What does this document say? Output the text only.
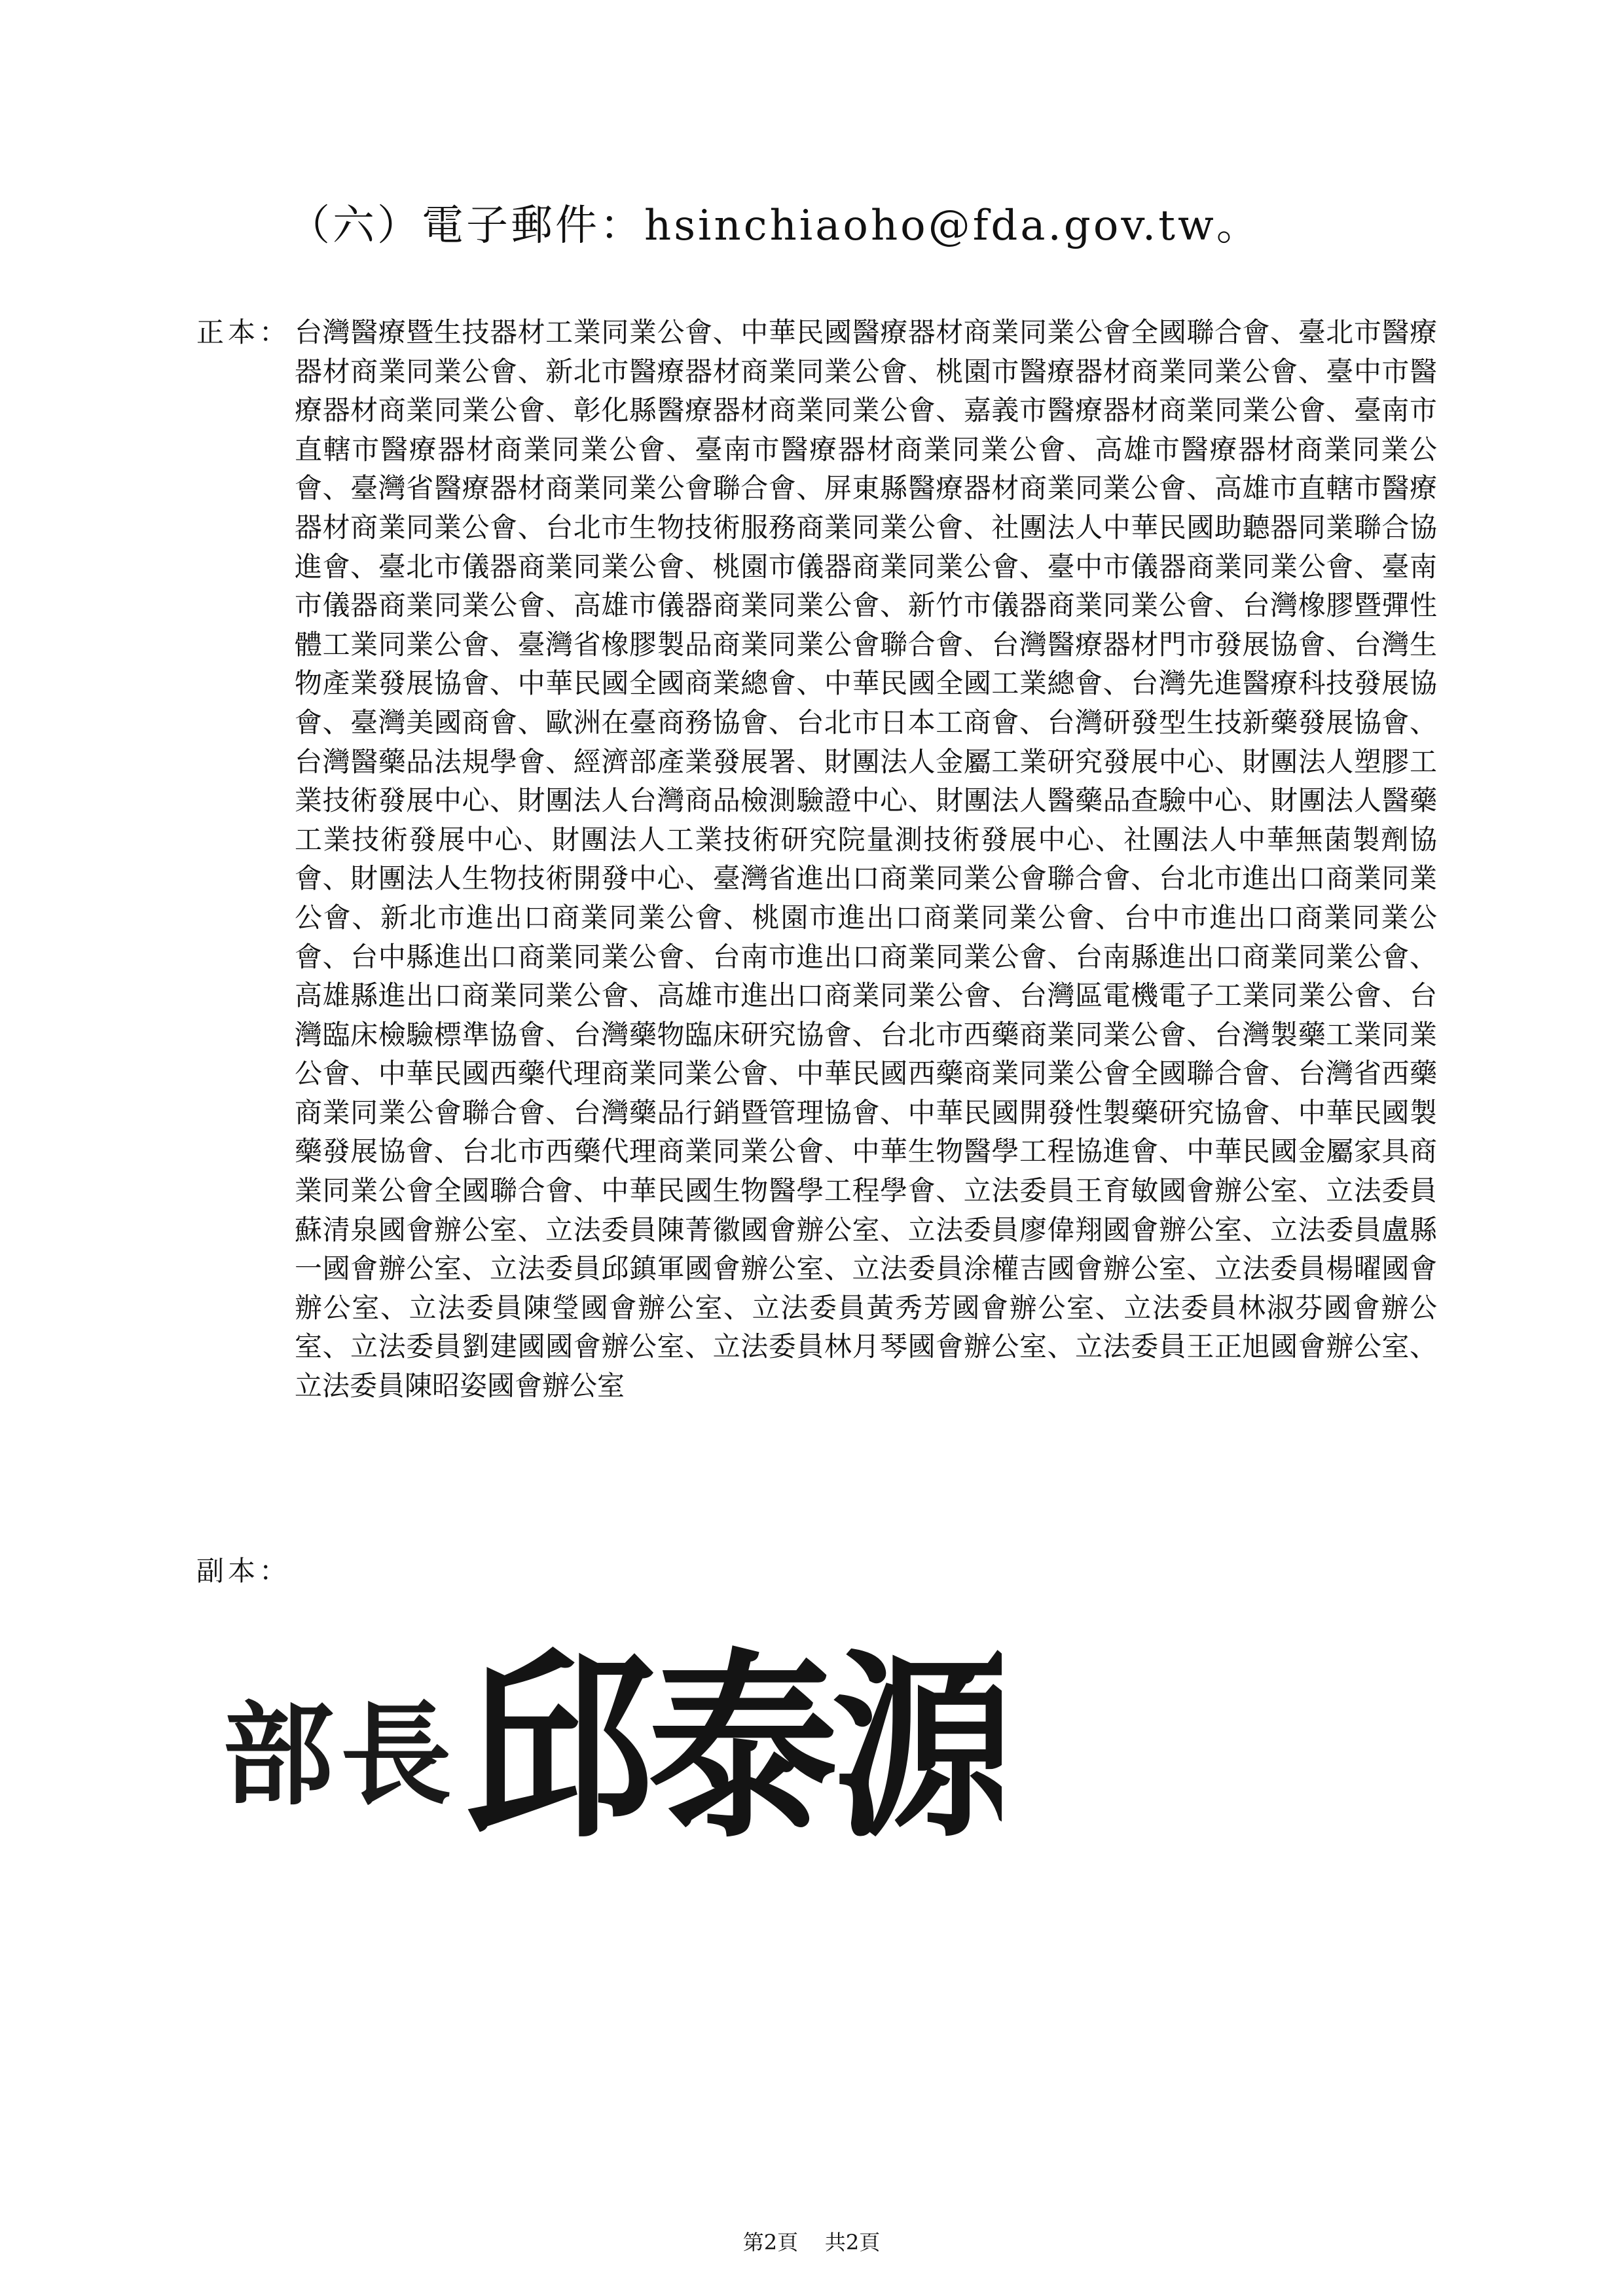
（六）電子郵件：hsinchiaoho@fda.gov.tw。
正本： 台灣醫療暨生技器材工業同業公會、中華民國醫療器材商業同業公會全國聯合會、臺北市醫療器材商業同業公會、新北市醫療器材商業同業公會、桃園市醫療器材商業同業公會、臺中市醫療器材商業同業公會、彰化縣醫療器材商業同業公會、嘉義市醫療器材商業同業公會、臺南市直轄市醫療器材商業同業公會、臺南市醫療器材商業同業公會、高雄市醫療器材商業同業公會、臺灣省醫療器材商業同業公會聯合會、屏東縣醫療器材商業同業公會、高雄市直轄市醫療器材商業同業公會、台北市生物技術服務商業同業公會、社團法人中華民國助聽器同業聯合協進會、臺北市儀器商業同業公會、桃園市儀器商業同業公會、臺中市儀器商業同業公會、臺南市儀器商業同業公會、高雄市儀器商業同業公會、新竹市儀器商業同業公會、台灣橡膠暨彈性體工業同業公會、臺灣省橡膠製品商業同業公會聯合會、台灣醫療器材門市發展協會、台灣生物產業發展協會、中華民國全國商業總會、中華民國全國工業總會、台灣先進醫療科技發展協會、臺灣美國商會、歐洲在臺商務協會、台北市日本工商會、台灣研發型生技新藥發展協會、台灣醫藥品法規學會、經濟部產業發展署、財團法人金屬工業研究發展中心、財團法人塑膠工業技術發展中心、財團法人台灣商品檢測驗證中心、財團法人醫藥品查驗中心、財團法人醫藥工業技術發展中心、財團法人工業技術研究院量測技術發展中心、社團法人中華無菌製劑協會、財團法人生物技術開發中心、臺灣省進出口商業同業公會聯合會、台北市進出口商業同業公會、新北市進出口商業同業公會、桃園市進出口商業同業公會、台中市進出口商業同業公會、台中縣進出口商業同業公會、台南市進出口商業同業公會、台南縣進出口商業同業公會、高雄縣進出口商業同業公會、高雄市進出口商業同業公會、台灣區電機電子工業同業公會、台灣臨床檢驗標準協會、台灣藥物臨床研究協會、台北市西藥商業同業公會、台灣製藥工業同業公會、中華民國西藥代理商業同業公會、中華民國西藥商業同業公會全國聯合會、台灣省西藥商業同業公會聯合會、台灣藥品行銷暨管理協會、中華民國開發性製藥研究協會、中華民國製藥發展協會、台北市西藥代理商業同業公會、中華生物醫學工程協進會、中華民國金屬家具商業同業公會全國聯合會、中華民國生物醫學工程學會、立法委員王育敏國會辦公室、立法委員蘇清泉國會辦公室、立法委員陳菁徽國會辦公室、立法委員廖偉翔國會辦公室、立法委員盧縣一國會辦公室、立法委員邱鎮軍國會辦公室、立法委員涂權吉國會辦公室、立法委員楊曜國會辦公室、立法委員陳瑩國會辦公室、立法委員黃秀芳國會辦公室、立法委員林淑芬國會辦公室、立法委員劉建國國會辦公室、立法委員林月琴國會辦公室、立法委員王正旭國會辦公室、立法委員陳昭姿國會辦公室
副本：
部長 邱泰源
第2頁    共2頁
